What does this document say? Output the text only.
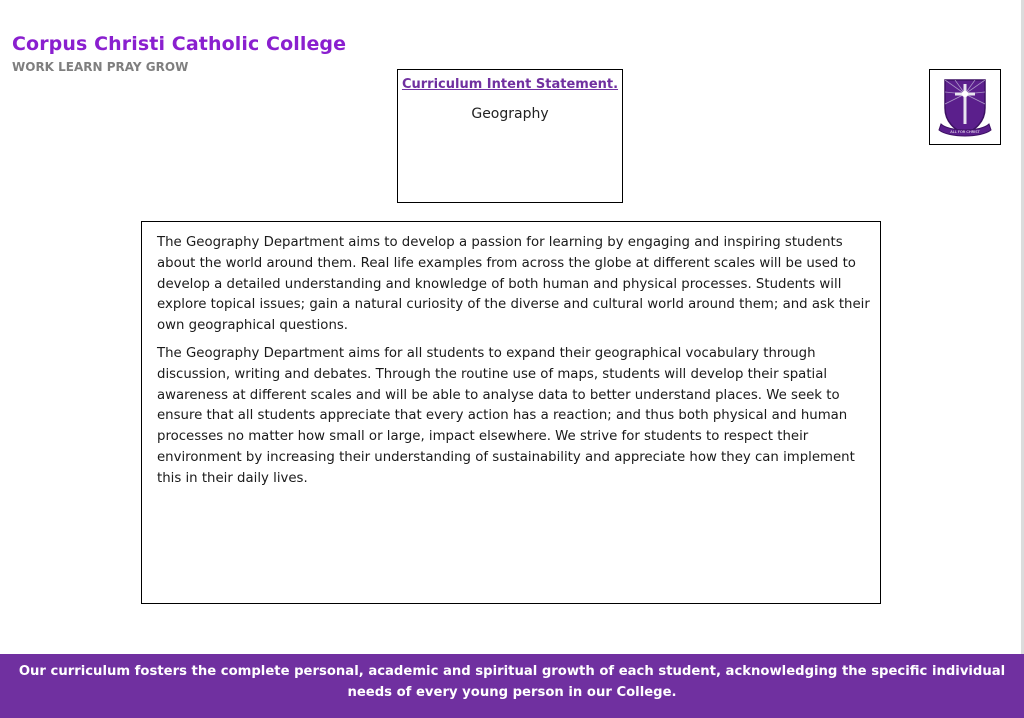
Corpus Christi Catholic College
WORK LEARN PRAY GROW
Curriculum Intent Statement.
Geography
ALL FOR CHRIST

The Geography Department aims to develop a passion for learning by engaging and inspiring students about the world around them. Real life examples from across the globe at different scales will be used to develop a detailed understanding and knowledge of both human and physical processes. Students will explore topical issues; gain a natural curiosity of the diverse and cultural world around them; and ask their own geographical questions.

The Geography Department aims for all students to expand their geographical vocabulary through discussion, writing and debates. Through the routine use of maps, students will develop their spatial awareness at different scales and will be able to analyse data to better understand places. We seek to ensure that all students appreciate that every action has a reaction; and thus both physical and human processes no matter how small or large, impact elsewhere. We strive for students to respect their environment by increasing their understanding of sustainability and appreciate how they can implement this in their daily lives.

Our curriculum fosters the complete personal, academic and spiritual growth of each student, acknowledging the specific individual needs of every young person in our College.
